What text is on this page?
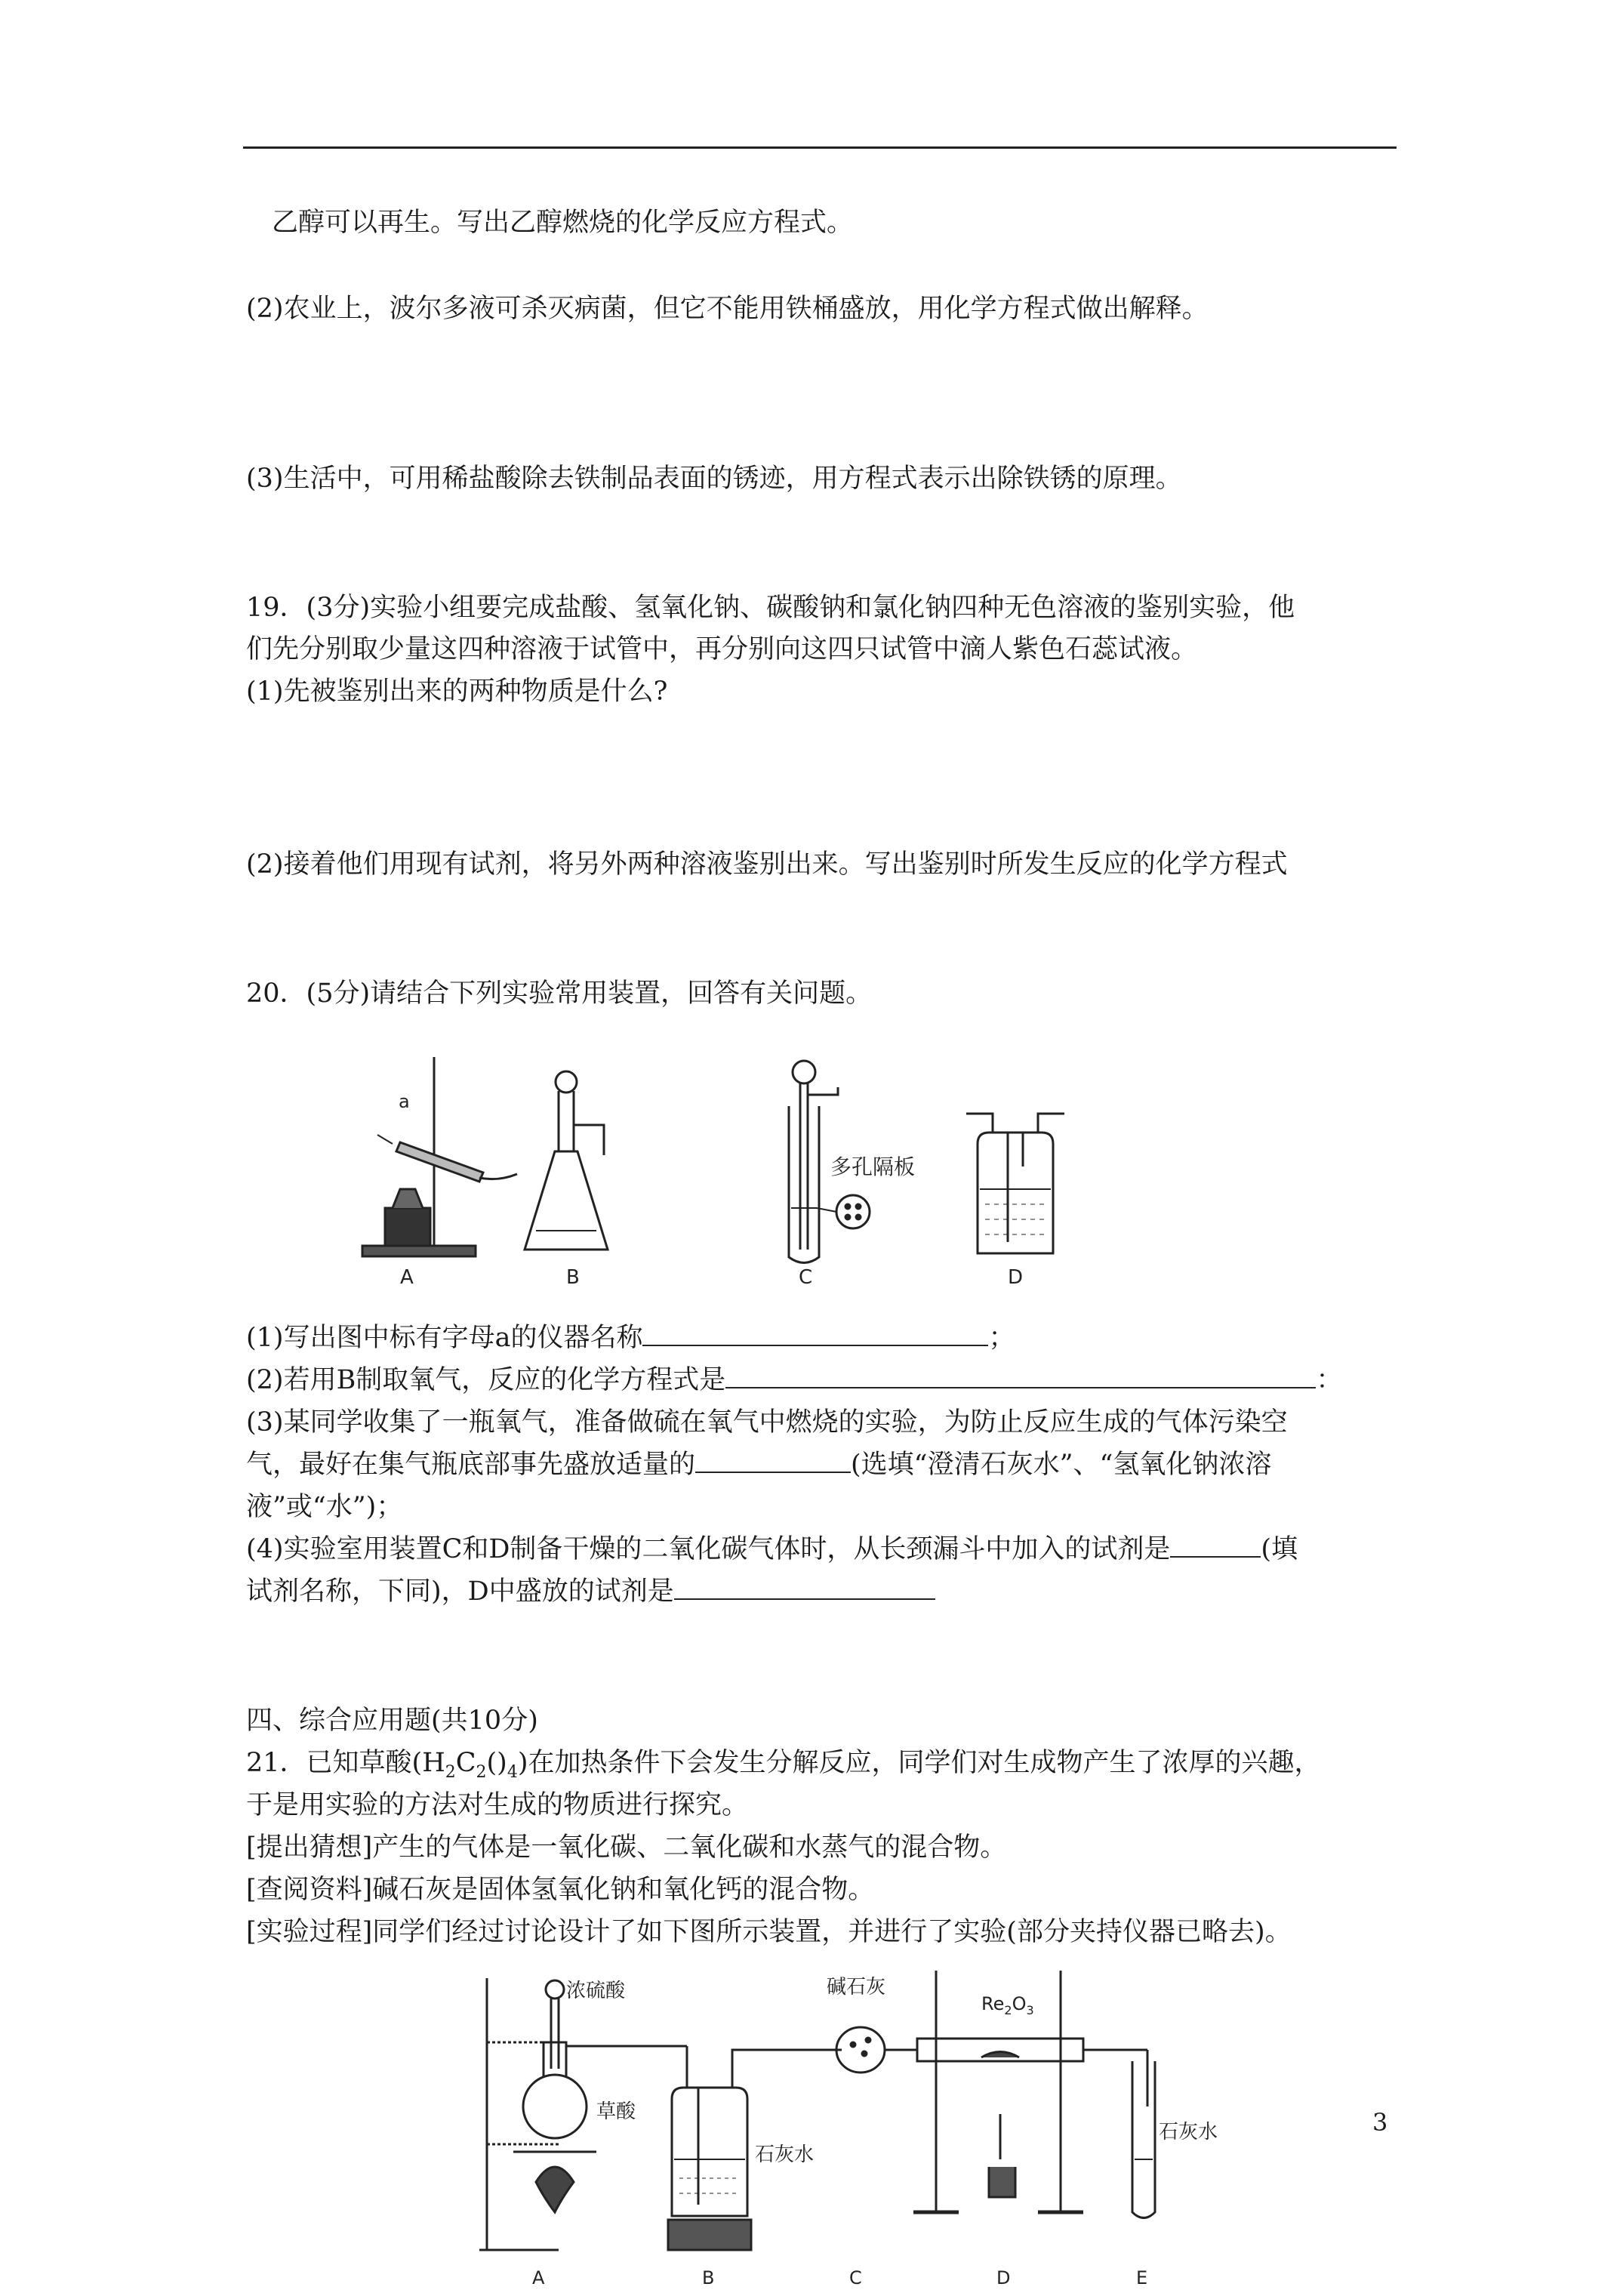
乙醇可以再生。写出乙醇燃烧的化学反应方程式。
(2)农业上，波尔多液可杀灭病菌，但它不能用铁桶盛放，用化学方程式做出解释。
(3)生活中，可用稀盐酸除去铁制品表面的锈迹，用方程式表示出除铁锈的原理。
19．(3分)实验小组要完成盐酸、氢氧化钠、碳酸钠和氯化钠四种无色溶液的鉴别实验，他
们先分别取少量这四种溶液于试管中，再分别向这四只试管中滴人紫色石蕊试液。
(1)先被鉴别出来的两种物质是什么?
(2)接着他们用现有试剂，将另外两种溶液鉴别出来。写出鉴别时所发生反应的化学方程式
20．(5分)请结合下列实验常用装置，回答有关问题。
A
a
B
多孔隔板
C	D
(1)写出图中标有字母a的仪器名称	；
(2)若用B制取氧气，反应的化学方程式是	：
(3)某同学收集了一瓶氧气，准备做硫在氧气中燃烧的实验，为防止反应生成的气体污染空
气，最好在集气瓶底部事先盛放适量的	(选填“澄清石灰水”、“氢氧化钠浓溶
液”或“水”)；
(4)实验室用装置C和D制备干燥的二氧化碳气体时，从长颈漏斗中加入的试剂是	(填
试剂名称，下同)，D中盛放的试剂是
四、综合应用题(共10分)
21．已知草酸$(H_2C_2()_4)$在加热条件下会发生分解反应，同学们对生成物产生了浓厚的兴趣，
于是用实验的方法对生成的物质进行探究。
[提出猜想]产生的气体是一氧化碳、二氧化碳和水蒸气的混合物。
[查阅资料]碱石灰是固体氢氧化钠和氧化钙的混合物。
[实验过程]同学们经过讨论设计了如下图所示装置，并进行了实验(部分夹持仪器已略去)。
A
浓硫酸
草酸
B
石灰水
C
碱石灰
D
$Re_2O_3$
E
石灰水	3
